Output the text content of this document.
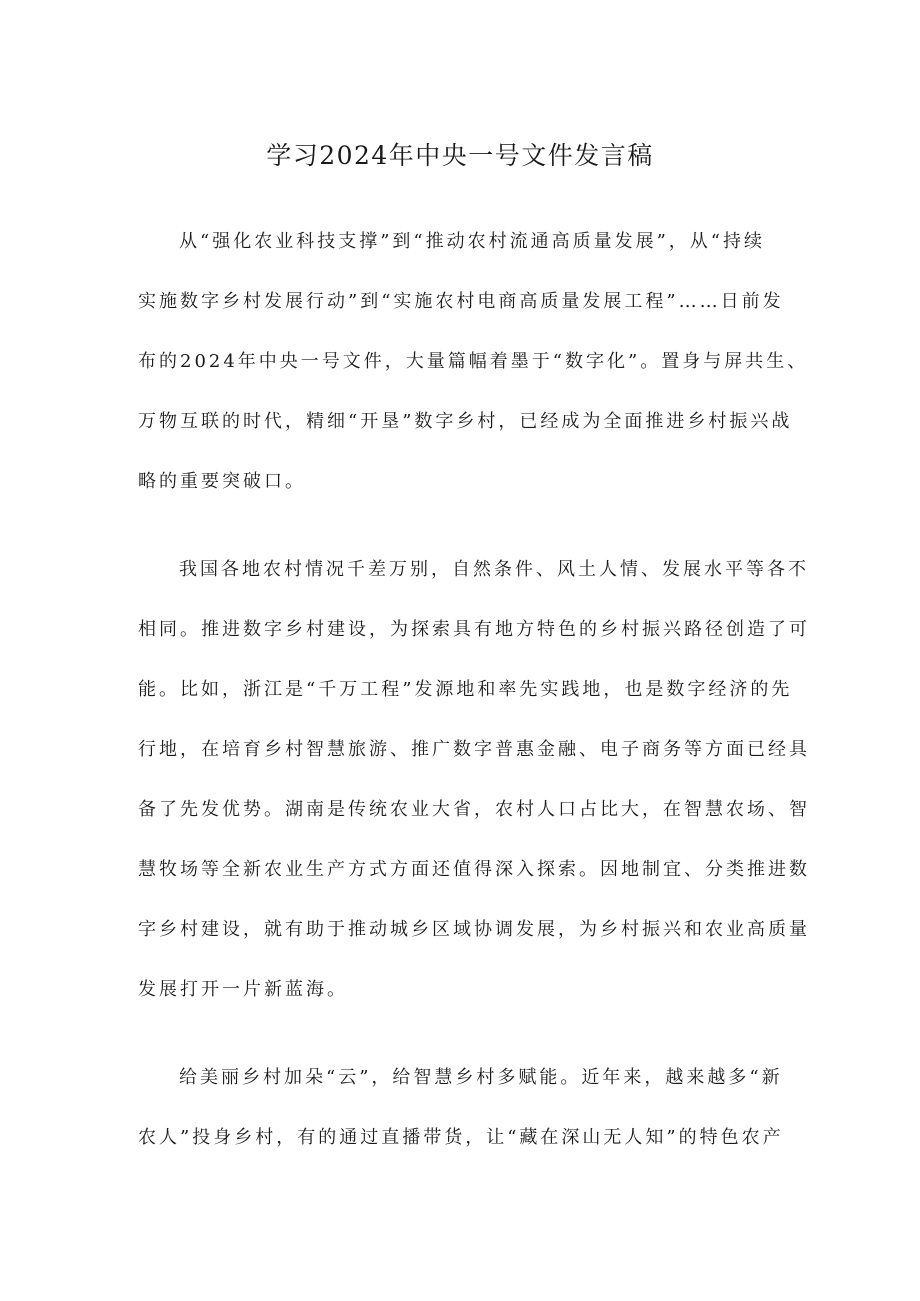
学习2024年中央一号文件发言稿

从“强化农业科技支撑”到“推动农村流通高质量发展”，从“持续
实施数字乡村发展行动”到“实施农村电商高质量发展工程”……日前发
布的2024年中央一号文件，大量篇幅着墨于“数字化”。置身与屏共生、
万物互联的时代，精细“开垦”数字乡村，已经成为全面推进乡村振兴战
略的重要突破口。

我国各地农村情况千差万别，自然条件、风土人情、发展水平等各不
相同。推进数字乡村建设，为探索具有地方特色的乡村振兴路径创造了可
能。比如，浙江是“千万工程”发源地和率先实践地，也是数字经济的先
行地，在培育乡村智慧旅游、推广数字普惠金融、电子商务等方面已经具
备了先发优势。湖南是传统农业大省，农村人口占比大，在智慧农场、智
慧牧场等全新农业生产方式方面还值得深入探索。因地制宜、分类推进数
字乡村建设，就有助于推动城乡区域协调发展，为乡村振兴和农业高质量
发展打开一片新蓝海。

给美丽乡村加朵“云”，给智慧乡村多赋能。近年来，越来越多“新
农人”投身乡村，有的通过直播带货，让“藏在深山无人知”的特色农产
